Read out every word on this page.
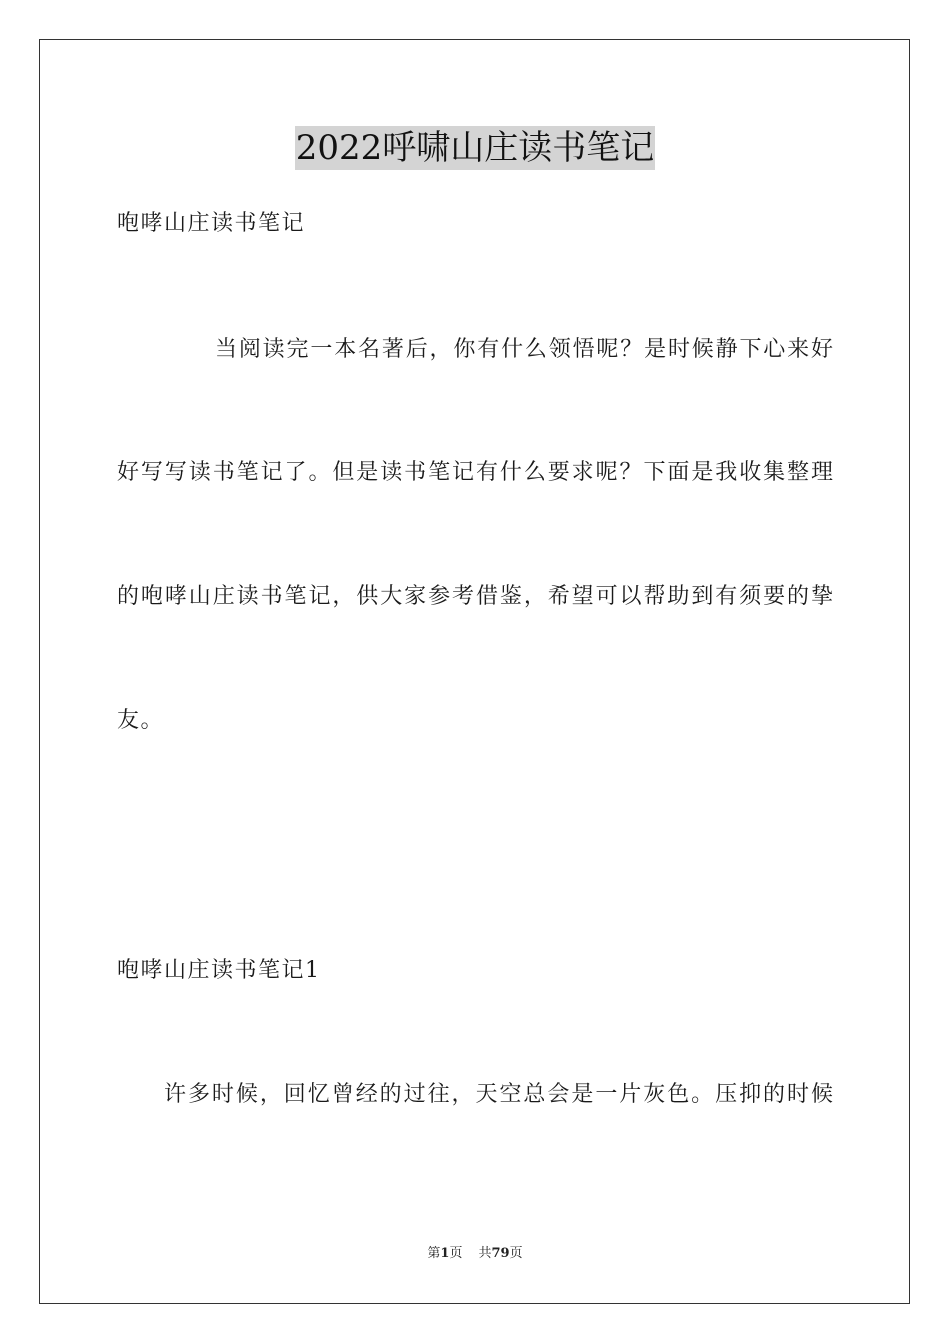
2022呼啸山庄读书笔记
咆哮山庄读书笔记
当阅读完一本名著后，你有什么领悟呢？是时候静下心来好
好写写读书笔记了。但是读书笔记有什么要求呢？下面是我收集整理
的咆哮山庄读书笔记，供大家参考借鉴，希望可以帮助到有须要的挚
友。
咆哮山庄读书笔记1
许多时候，回忆曾经的过往，天空总会是一片灰色。压抑的时候
第1页 共79页
